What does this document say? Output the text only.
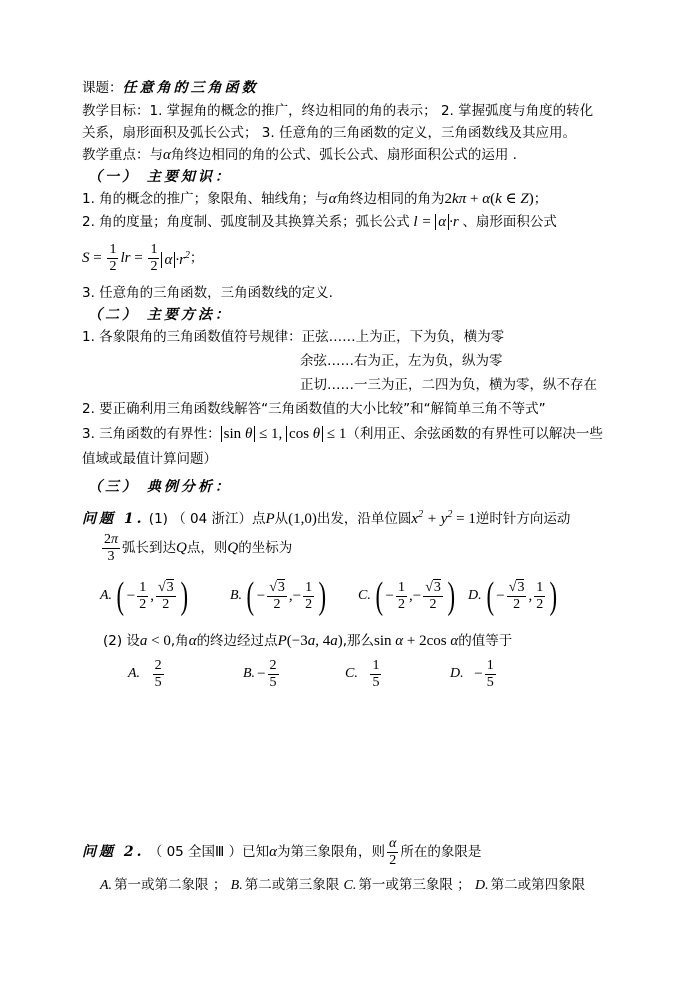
课题：任意角的三角函数
教学目标：1. 掌握角的概念的推广，终边相同的角的表示； 2. 掌握弧度与角度的转化
关系，扇形面积及弧长公式； 3. 任意角的三角函数的定义，三角函数线及其应用。
教学重点：与α角终边相同的角的公式、弧长公式、扇形面积公式的运用 .
（一） 主要知识：
1. 角的概念的推广；象限角、轴线角；与α角终边相同的角为2kπ + α(k ∈ Z)；
2. 角的度量；角度制、弧度制及其换算关系；弧长公式 l = α ·r 、扇形面积公式
$S = \frac{1}{2}$ lr = $\frac{1}{2}$ $\alpha \cdot r^2$ ；
3. 任意角的三角函数，三角函数线的定义.
（二） 主要方法：
1. 各象限角的三角函数值符号规律：正弦……上为正，下为负，横为零
余弦……右为正，左为负，纵为零
正切……一三为正，二四为负，横为零，纵不存在
2. 要正确利用三角函数线解答“三角函数值的大小比较”和“解简单三角不等式”
3. 三角函数的有界性： sin θ ≤ 1, cos θ ≤ 1（利用正、余弦函数的有界性可以解决一些
值域或最值计算问题）
（三） 典例分析：
问题 1. (1) （ 04 浙江）点P从(1,0)出发，沿单位圆$x^2 + y^2 = 1$逆时针方向运动
$\frac{2\pi}{3}$ 弧长到达 Q 点，则 Q 的坐标为
A. ( − $\frac{1}{2}$ , $\frac{√3}{2}$ )	B. ( − $\frac{√3}{2}$ ,− $\frac{1}{2}$ ) C. ( − $\frac{1}{2}$ ,− $\frac{√3}{2}$ ) D. ( − $\frac{√3}{2}$ , $\frac{1}{2}$ )
(2) 设a < 0,角α的终边经过点P(−3a, 4a),那么sin α + 2cos α的值等于
A.
$\frac{2}{5}$	B. − $\frac{2}{5}$	C.
$\frac{1}{5}$	D.
− $\frac{1}{5}$
问题 2.
（ 05 全国Ⅲ ）已知 α 为第三象限角，则 $\frac{\alpha}{2}$ 所在的象限是
A. 第一或第二象限 ； B. 第二或第三象限 C. 第一或第三象限 ； D. 第二或第四象限
